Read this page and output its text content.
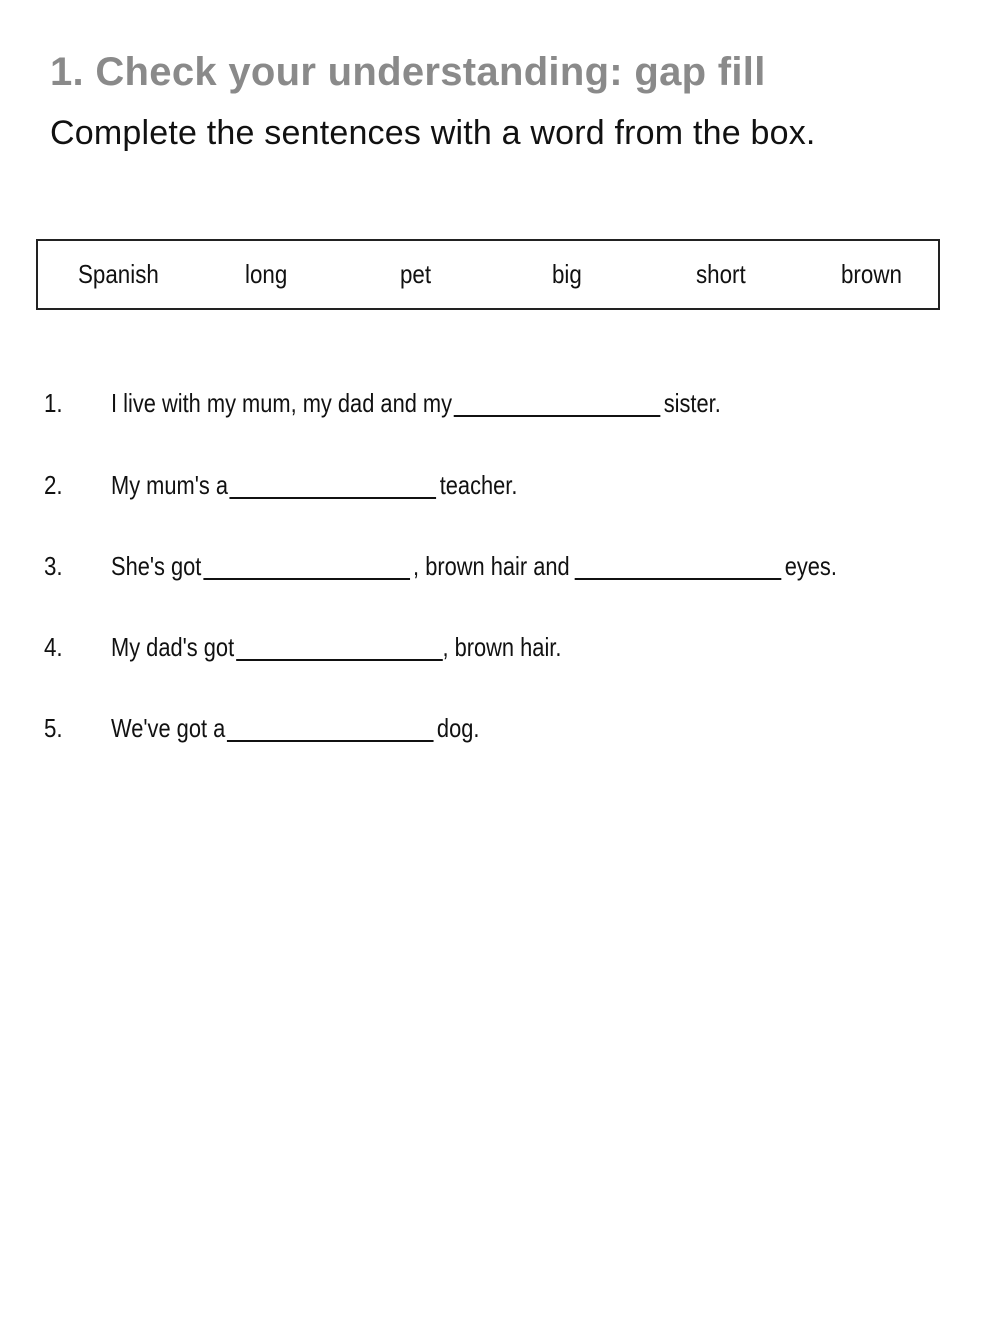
1. Check your understanding: gap fill
Complete the sentences with a word from the box.
Spanish	long	pet	big	short	brown
1. I live with my mum, my dad and my	sister.
2. My mum's a	teacher.
3. She's got	, brown hair and	eyes.
4. My dad's got	, brown hair.
5. We've got a	dog.
